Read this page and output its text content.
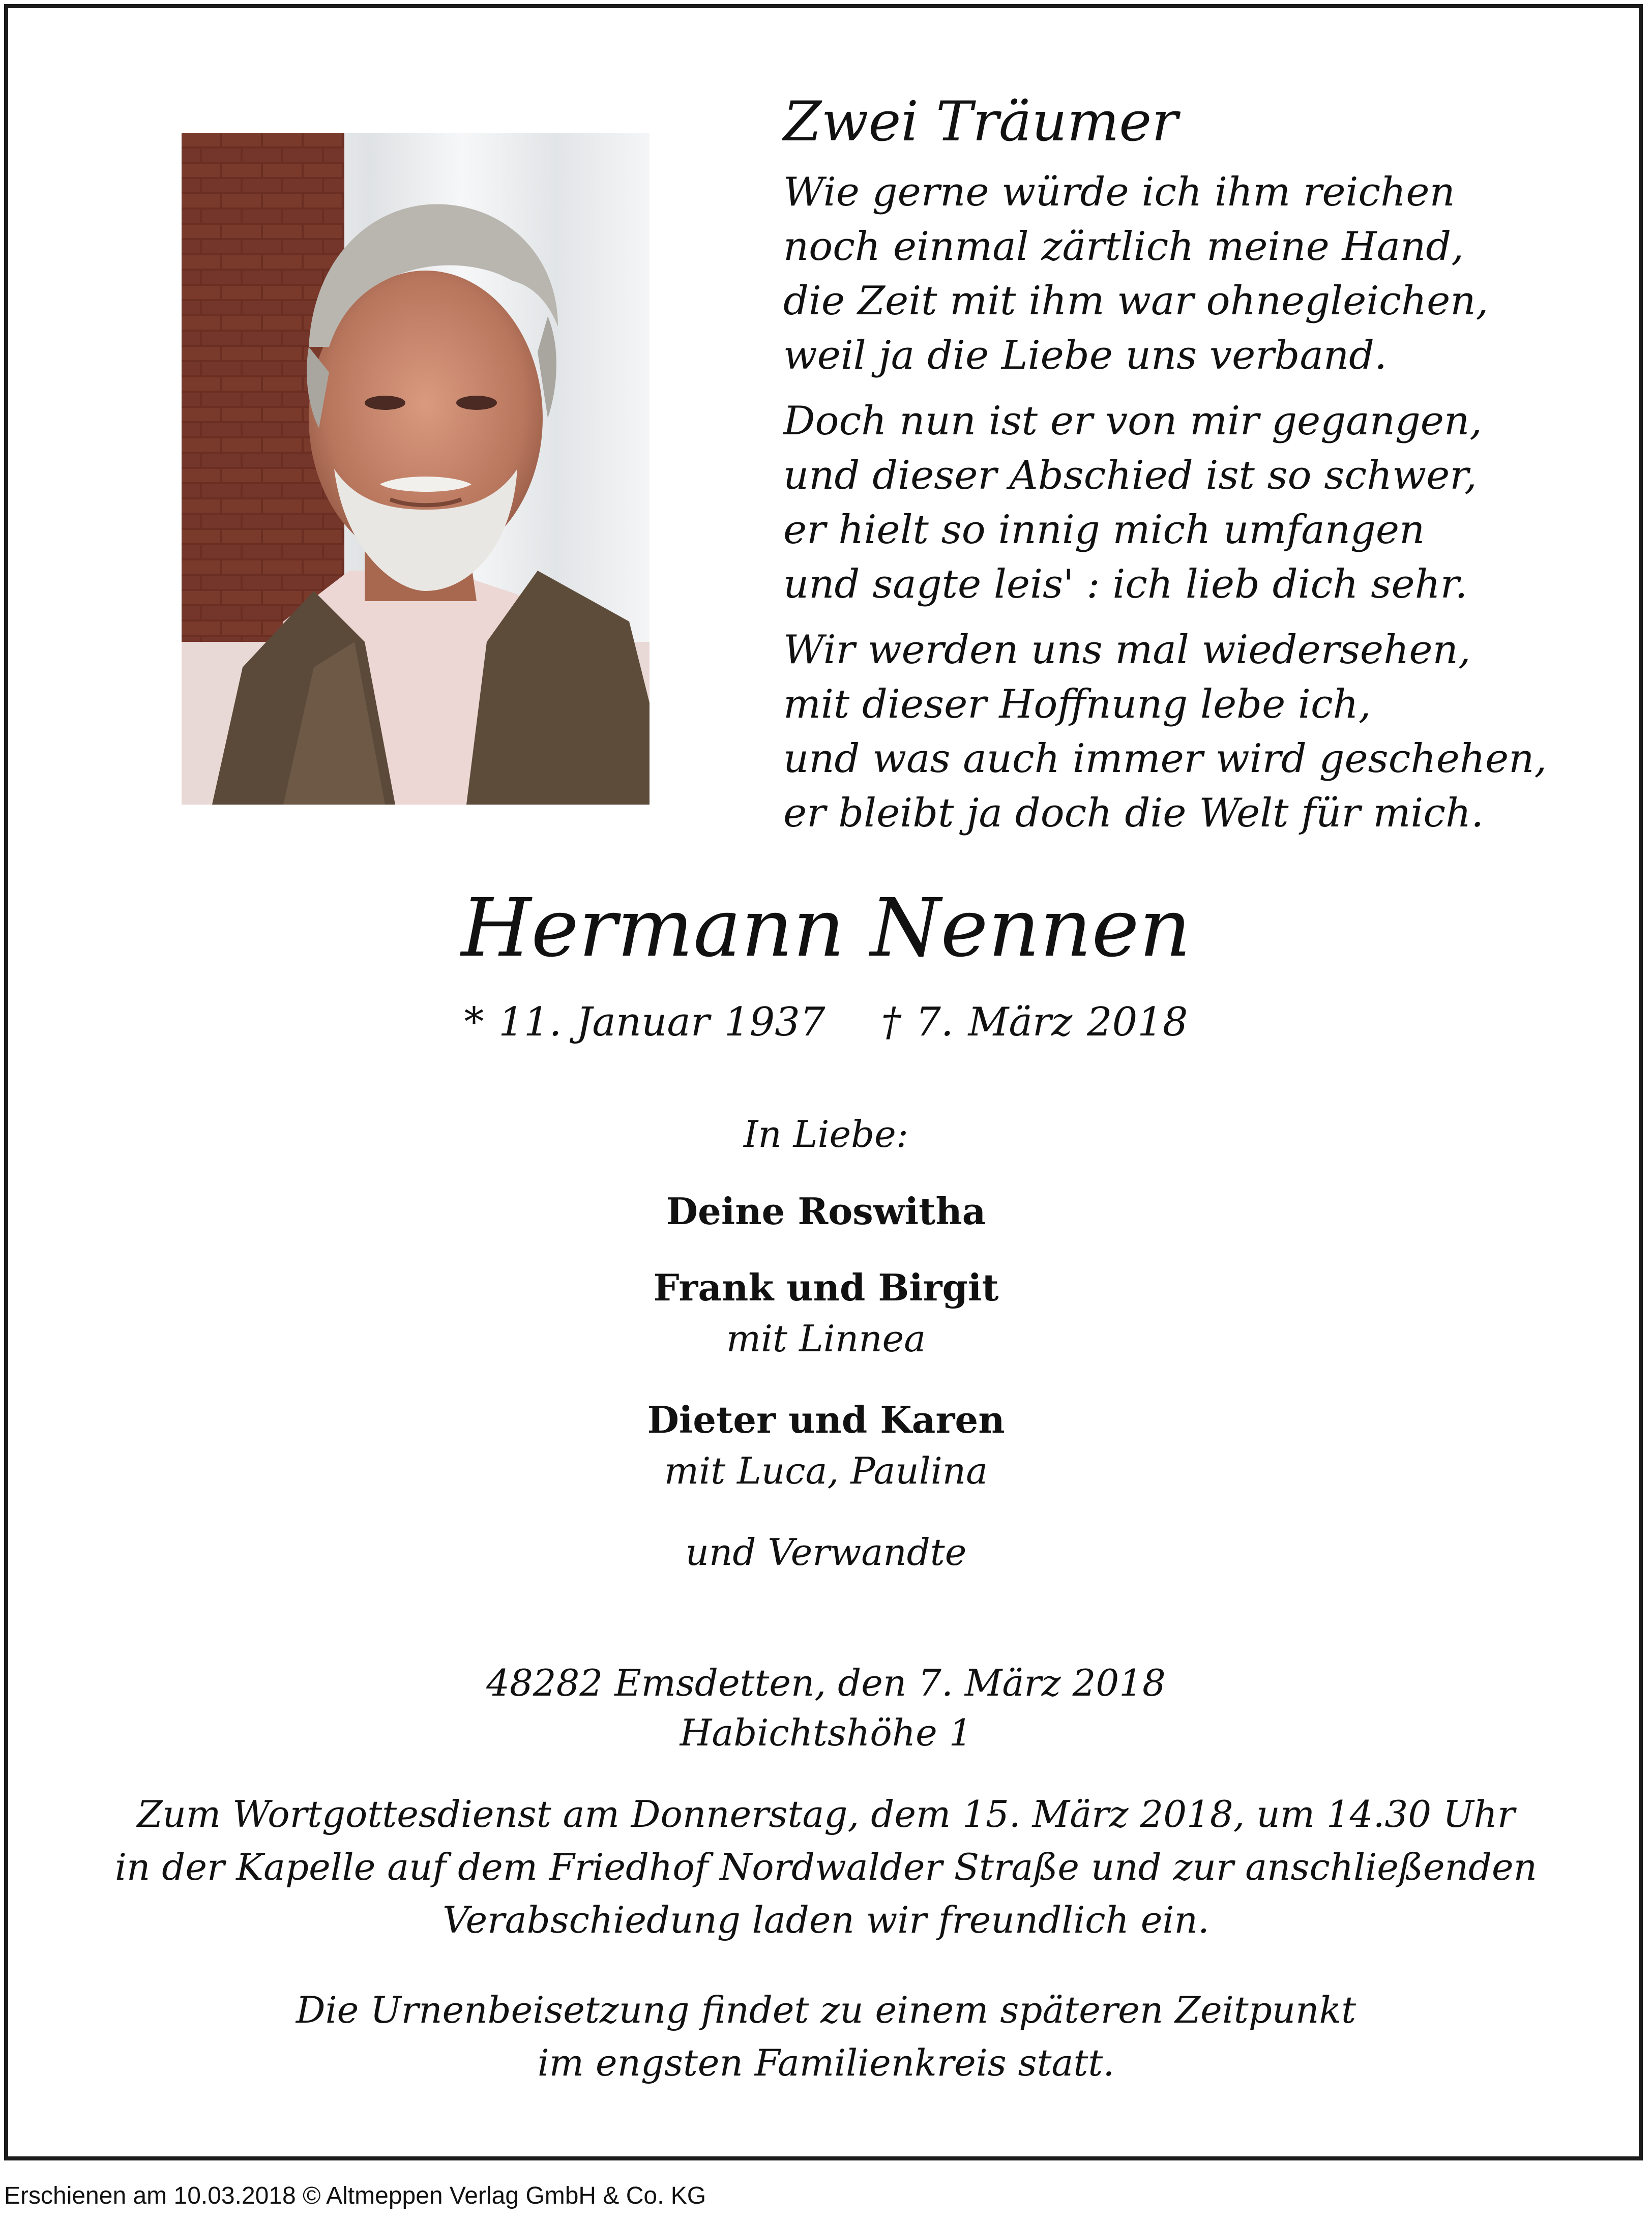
Zwei Träumer
Wie gerne würde ich ihm reichen
noch einmal zärtlich meine Hand,
die Zeit mit ihm war ohnegleichen,
weil ja die Liebe uns verband.
Doch nun ist er von mir gegangen,
und dieser Abschied ist so schwer,
er hielt so innig mich umfangen
und sagte leis' : ich lieb dich sehr.
Wir werden uns mal wiedersehen,
mit dieser Hoffnung lebe ich,
und was auch immer wird geschehen,
er bleibt ja doch die Welt für mich.
Hermann Nennen
* 11. Januar 1937 † 7. März 2018
In Liebe:
Deine Roswitha
Frank und Birgit
mit Linnea
Dieter und Karen
mit Luca, Paulina
und Verwandte
48282 Emsdetten, den 7. März 2018
Habichtshöhe 1
Zum Wortgottesdienst am Donnerstag, dem 15. März 2018, um 14.30 Uhr
in der Kapelle auf dem Friedhof Nordwalder Straße und zur anschließenden
Verabschiedung laden wir freundlich ein.
Die Urnenbeisetzung findet zu einem späteren Zeitpunkt
im engsten Familienkreis statt.
Erschienen am 10.03.2018 © Altmeppen Verlag GmbH & Co. KG
